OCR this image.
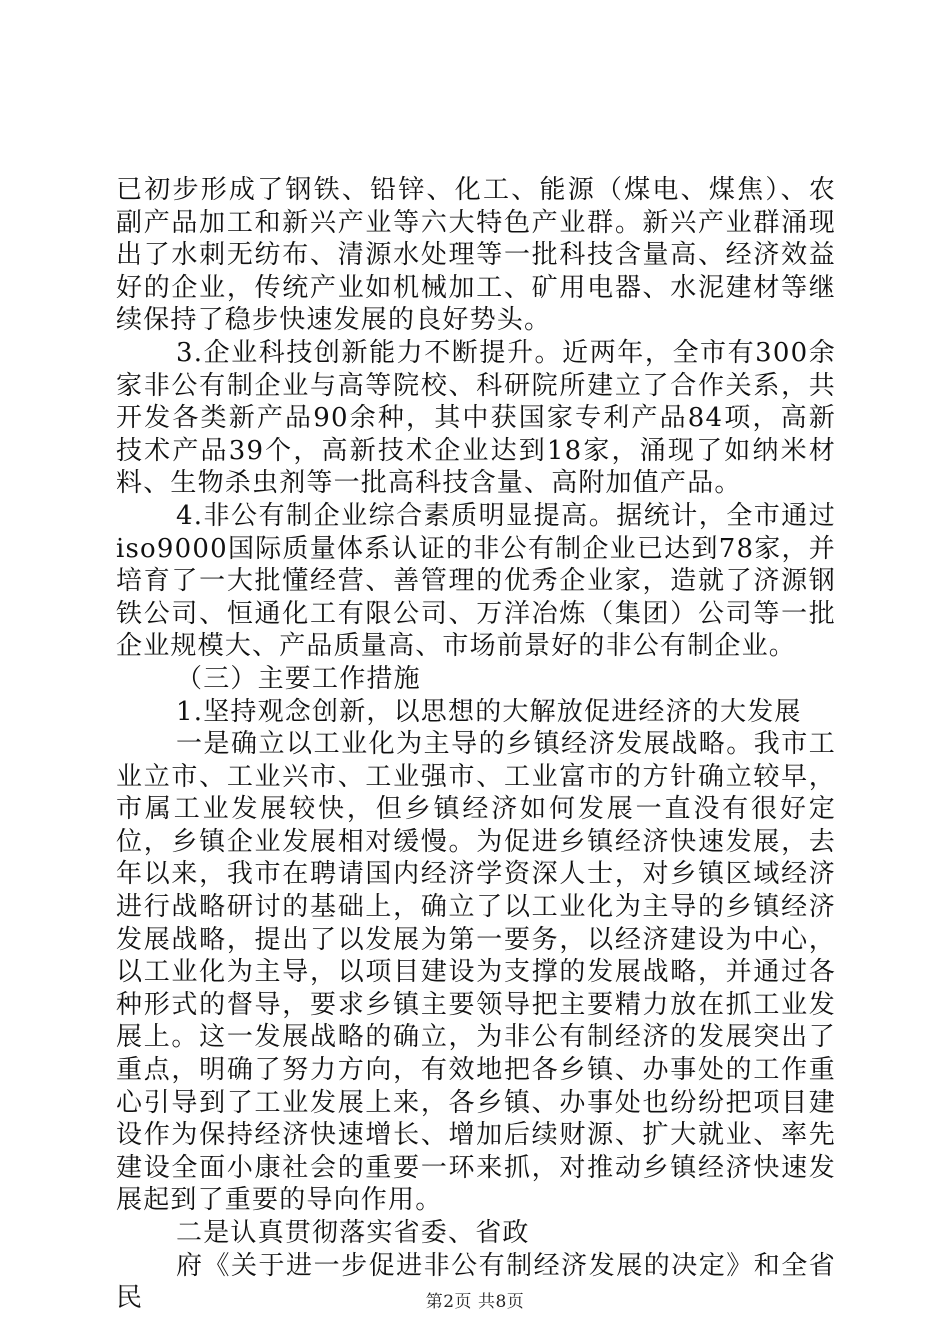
已初步形成了钢铁、铅锌、化工、能源（煤电、煤焦）、农副产品加工和新兴产业等六大特色产业群。新兴产业群涌现出了水刺无纺布、清源水处理等一批科技含量高、经济效益好的企业，传统产业如机械加工、矿用电器、水泥建材等继续保持了稳步快速发展的良好势头。

3.企业科技创新能力不断提升。近两年，全市有300余家非公有制企业与高等院校、科研院所建立了合作关系，共开发各类新产品90余种，其中获国家专利产品84项，高新技术产品39个，高新技术企业达到18家，涌现了如纳米材料、生物杀虫剂等一批高科技含量、高附加值产品。

4.非公有制企业综合素质明显提高。据统计，全市通过iso9000国际质量体系认证的非公有制企业已达到78家，并培育了一大批懂经营、善管理的优秀企业家，造就了济源钢铁公司、恒通化工有限公司、万洋冶炼（集团）公司等一批企业规模大、产品质量高、市场前景好的非公有制企业。

（三）主要工作措施

1.坚持观念创新，以思想的大解放促进经济的大发展

一是确立以工业化为主导的乡镇经济发展战略。我市工业立市、工业兴市、工业强市、工业富市的方针确立较早，市属工业发展较快，但乡镇经济如何发展一直没有很好定位，乡镇企业发展相对缓慢。为促进乡镇经济快速发展，去年以来，我市在聘请国内经济学资深人士，对乡镇区域经济进行战略研讨的基础上，确立了以工业化为主导的乡镇经济发展战略，提出了以发展为第一要务，以经济建设为中心，以工业化为主导，以项目建设为支撑的发展战略，并通过各种形式的督导，要求乡镇主要领导把主要精力放在抓工业发展上。这一发展战略的确立，为非公有制经济的发展突出了重点，明确了努力方向，有效地把各乡镇、办事处的工作重心引导到了工业发展上来，各乡镇、办事处也纷纷把项目建设作为保持经济快速增长、增加后续财源、扩大就业、率先建设全面小康社会的重要一环来抓，对推动乡镇经济快速发展起到了重要的导向作用。

二是认真贯彻落实省委、省政

府《关于进一步促进非公有制经济发展的决定》和全省民	第2页 共8页
